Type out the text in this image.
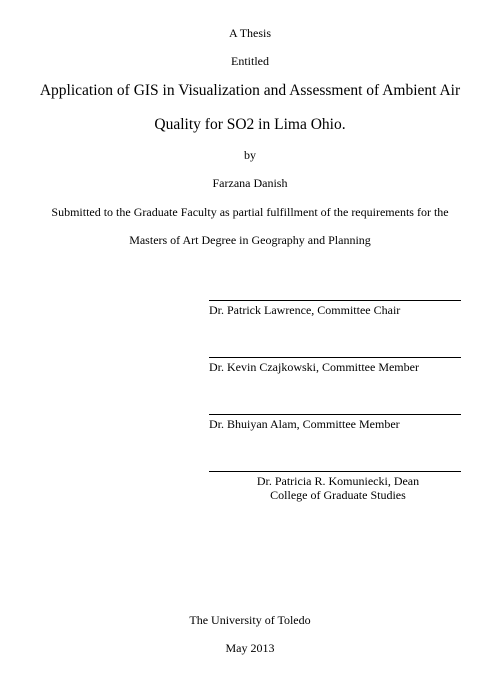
A Thesis
Entitled
Application of GIS in Visualization and Assessment of Ambient Air
Quality for SO2 in Lima Ohio.
by
Farzana Danish
Submitted to the Graduate Faculty as partial fulfillment of the requirements for the
Masters of Art Degree in Geography and Planning
Dr. Patrick Lawrence, Committee Chair
Dr. Kevin Czajkowski, Committee Member
Dr. Bhuiyan Alam, Committee Member
Dr. Patricia R. Komuniecki, Dean
College of Graduate Studies
The University of Toledo
May 2013
